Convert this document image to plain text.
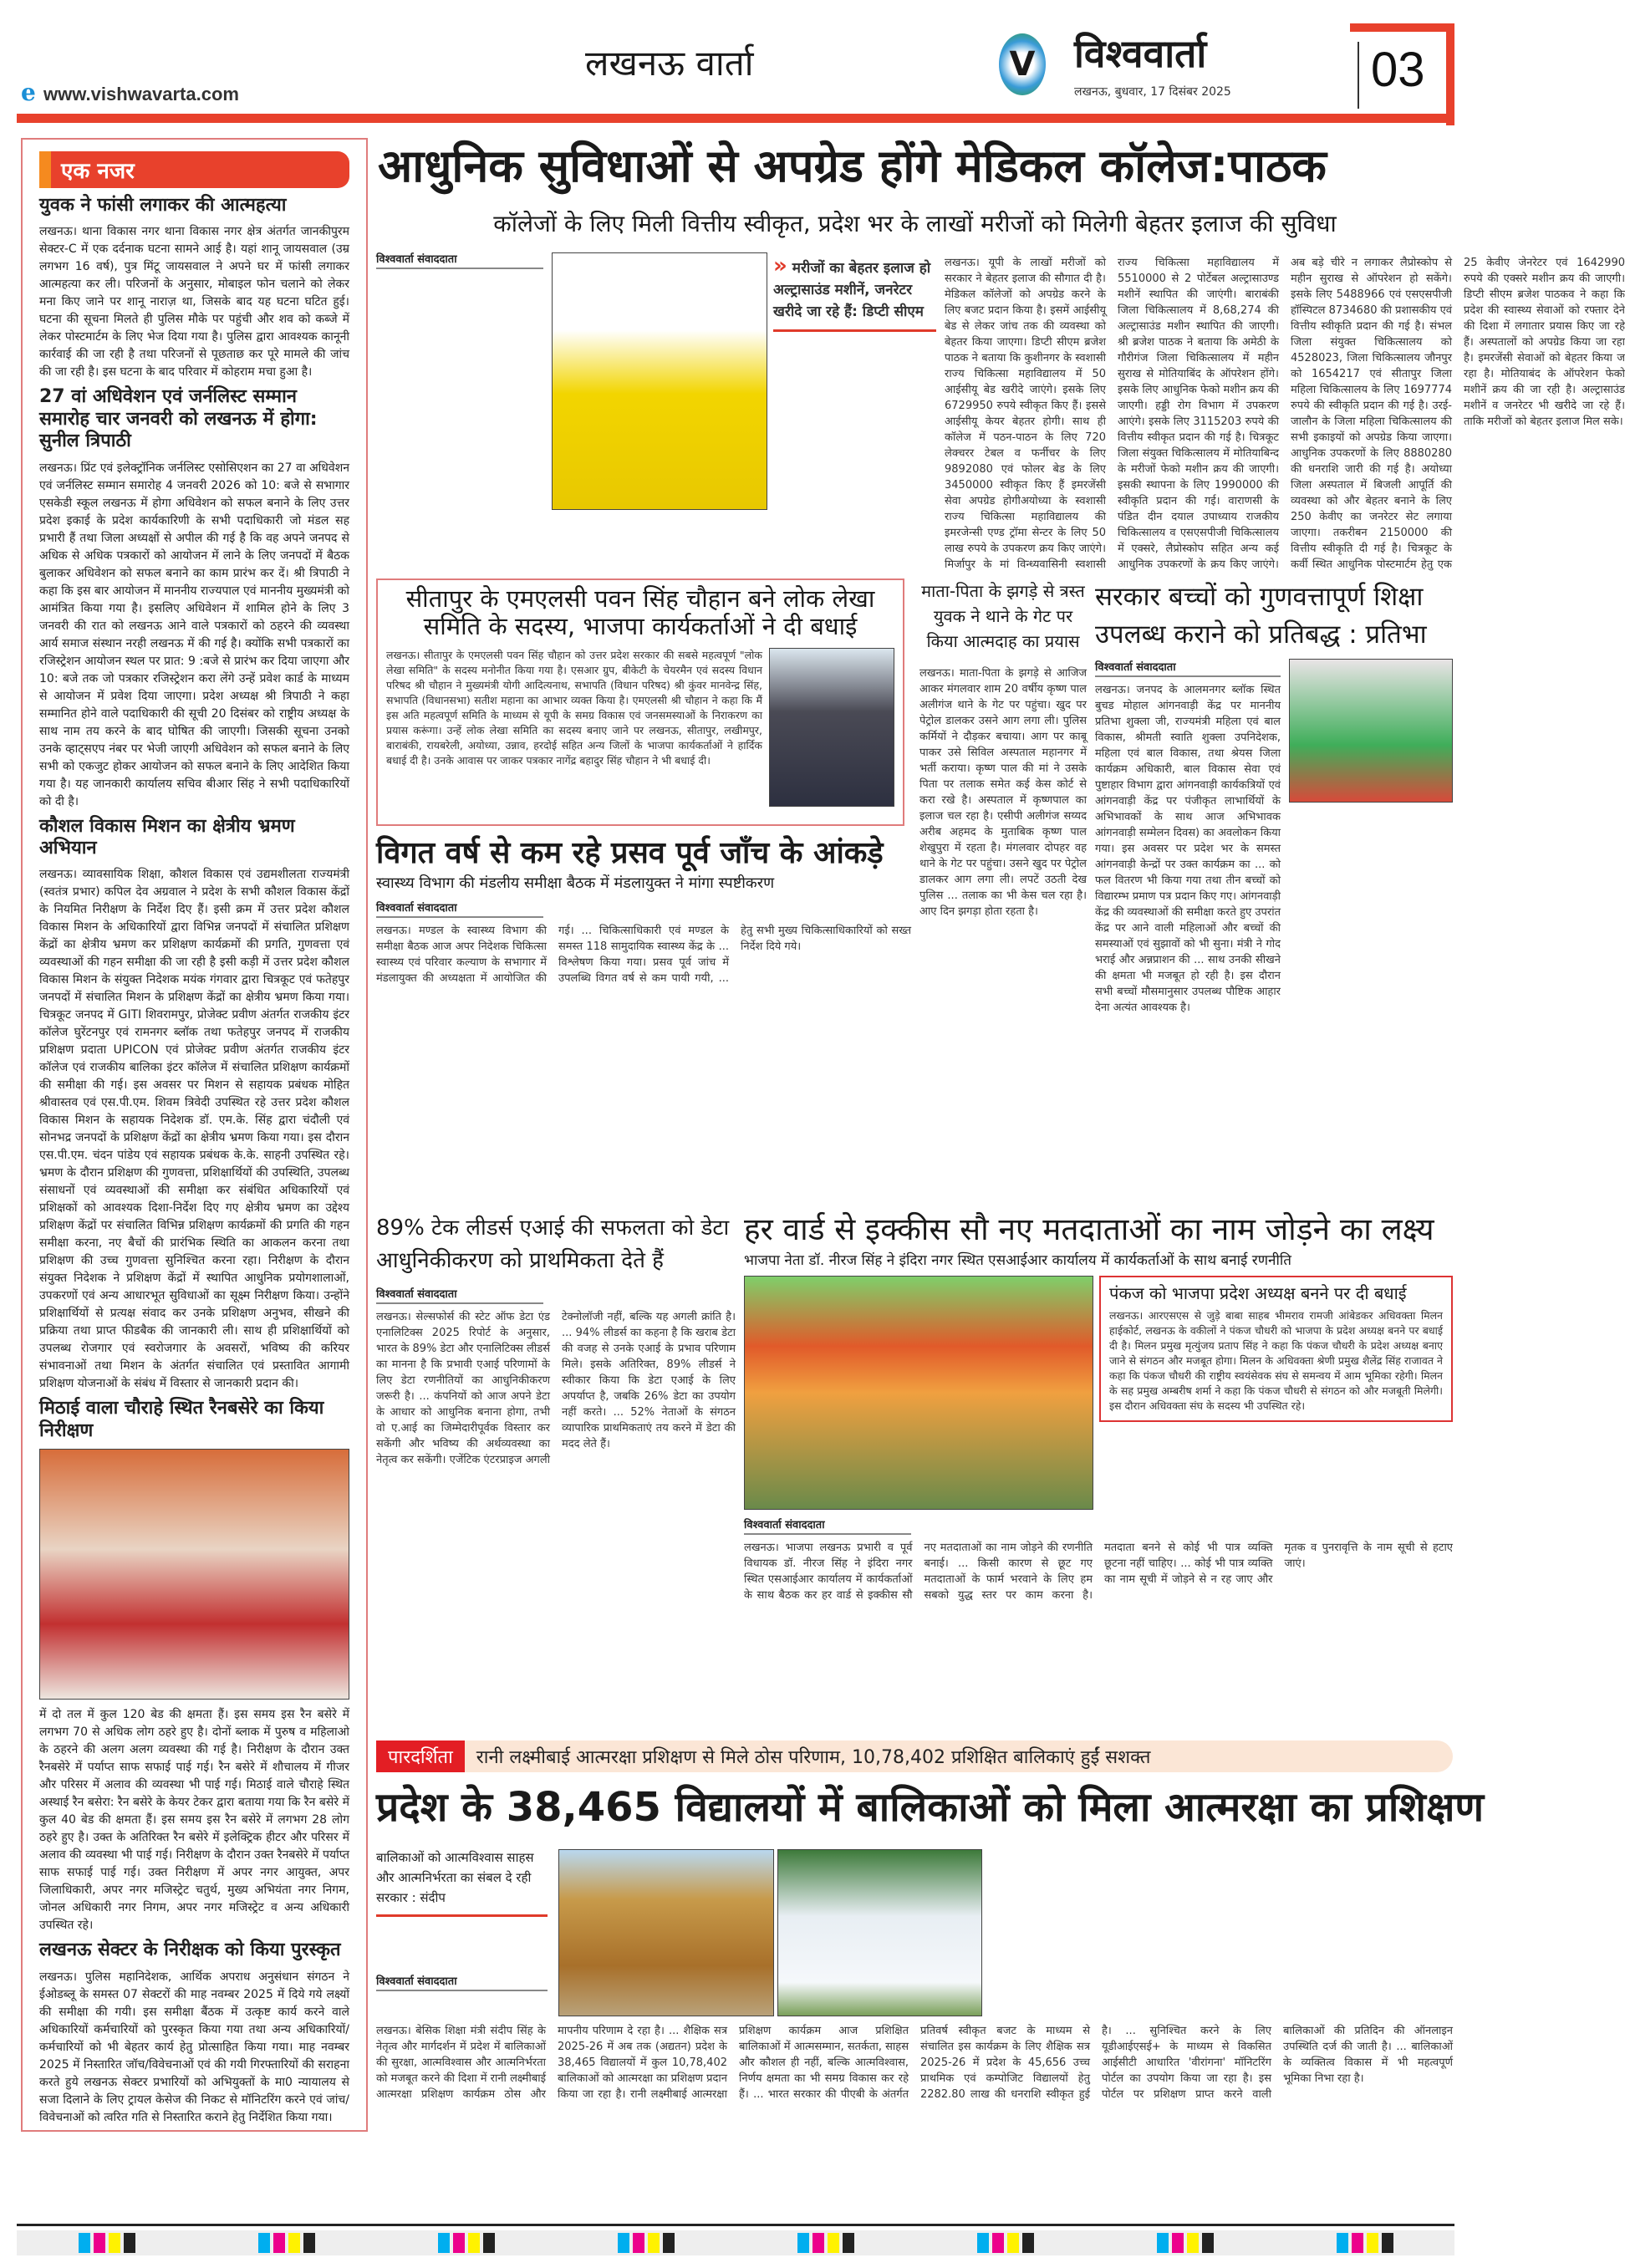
e www.vishwavarta.com
लखनऊ वार्ता	V विश्ववार्ता
लखनऊ, बुधवार, 17 दिसंबर 2025	03
एक नजर
युवक ने फांसी लगाकर की आत्महत्या

लखनऊ। थाना विकास नगर थाना विकास नगर क्षेत्र अंतर्गत जानकीपुरम सेक्टर-C में एक दर्दनाक घटना सामने आई है। यहां शानू जायसवाल (उम्र लगभग 16 वर्ष), पुत्र मिंटू जायसवाल ने अपने घर में फांसी लगाकर आत्महत्या कर ली। परिजनों के अनुसार, मोबाइल फोन चलाने को लेकर मना किए जाने पर शानू नाराज़ था, जिसके बाद यह घटना घटित हुई। घटना की सूचना मिलते ही पुलिस मौके पर पहुंची और शव को कब्जे में लेकर पोस्टमार्टम के लिए भेज दिया गया है। पुलिस द्वारा आवश्यक कानूनी कार्रवाई की जा रही है तथा परिजनों से पूछताछ कर पूरे मामले की जांच की जा रही है। इस घटना के बाद परिवार में कोहराम मचा हुआ है।

27 वां अधिवेशन एवं जर्नलिस्ट सम्मान समारोह चार जनवरी को लखनऊ में होगा: सुनील त्रिपाठी

लखनऊ। प्रिंट एवं इलेक्ट्रॉनिक जर्नलिस्ट एसोसिएशन का 27 वा अधिवेशन एवं जर्नलिस्ट सम्मान समारोह 4 जनवरी 2026 को 10: बजे से सभागार एसकेडी स्कूल लखनऊ में होगा अधिवेशन को सफल बनाने के लिए उत्तर प्रदेश इकाई के प्रदेश कार्यकारिणी के सभी पदाधिकारी जो मंडल सह प्रभारी हैं तथा जिला अध्यक्षों से अपील की गई है कि वह अपने जनपद से अधिक से अधिक पत्रकारों को आयोजन में लाने के लिए जनपदों में बैठक बुलाकर अधिवेशन को सफल बनाने का काम प्रारंभ कर दें। श्री त्रिपाठी ने कहा कि इस बार आयोजन में माननीय राज्यपाल एवं माननीय मुख्यमंत्री को आमंत्रित किया गया है। इसलिए अधिवेशन में शामिल होने के लिए 3 जनवरी की रात को लखनऊ आने वाले पत्रकारों को ठहरने की व्यवस्था आर्य समाज संस्थान नरही लखनऊ में की गई है। क्योंकि सभी पत्रकारों का रजिस्ट्रेशन आयोजन स्थल पर प्रात: 9 :बजे से प्रारंभ कर दिया जाएगा और 10: बजे तक जो पत्रकार रजिस्ट्रेशन करा लेंगे उन्हें प्रवेश कार्ड के माध्यम से आयोजन में प्रवेश दिया जाएगा। प्रदेश अध्यक्ष श्री त्रिपाठी ने कहा सम्मानित होने वाले पदाधिकारी की सूची 20 दिसंबर को राष्ट्रीय अध्यक्ष के साथ नाम तय करने के बाद घोषित की जाएगी। जिसकी सूचना उनको उनके व्हाट्सएप नंबर पर भेजी जाएगी अधिवेशन को सफल बनाने के लिए सभी को एकजुट होकर आयोजन को सफल बनाने के लिए आदेशित किया गया है। यह जानकारी कार्यालय सचिव बीआर सिंह ने सभी पदाधिकारियों को दी है।

कौशल विकास मिशन का क्षेत्रीय भ्रमण अभियान

लखनऊ। व्यावसायिक शिक्षा, कौशल विकास एवं उद्यमशीलता राज्यमंत्री (स्वतंत्र प्रभार) कपिल देव अग्रवाल ने प्रदेश के सभी कौशल विकास केंद्रों के नियमित निरीक्षण के निर्देश दिए हैं। इसी क्रम में उत्तर प्रदेश कौशल विकास मिशन के अधिकारियों द्वारा विभिन्न जनपदों में संचालित प्रशिक्षण केंद्रों का क्षेत्रीय भ्रमण कर प्रशिक्षण कार्यक्रमों की प्रगति, गुणवत्ता एवं व्यवस्थाओं की गहन समीक्षा की जा रही है इसी कड़ी में उत्तर प्रदेश कौशल विकास मिशन के संयुक्त निदेशक मयंक गंगवार द्वारा चित्रकूट एवं फतेहपुर जनपदों में संचालित मिशन के प्रशिक्षण केंद्रों का क्षेत्रीय भ्रमण किया गया। चित्रकूट जनपद में GITI शिवरामपुर, प्रोजेक्ट प्रवीण अंतर्गत राजकीय इंटर कॉलेज घुरेंटनपुर एवं रामनगर ब्लॉक तथा फतेहपुर जनपद में राजकीय प्रशिक्षण प्रदाता UPICON एवं प्रोजेक्ट प्रवीण अंतर्गत राजकीय इंटर कॉलेज एवं राजकीय बालिका इंटर कॉलेज में संचालित प्रशिक्षण कार्यक्रमों की समीक्षा की गई। इस अवसर पर मिशन से सहायक प्रबंधक मोहित श्रीवास्तव एवं एस.पी.एम. शिवम त्रिवेदी उपस्थित रहे उत्तर प्रदेश कौशल विकास मिशन के सहायक निदेशक डॉ. एम.के. सिंह द्वारा चंदौली एवं सोनभद्र जनपदों के प्रशिक्षण केंद्रों का क्षेत्रीय भ्रमण किया गया। इस दौरान एस.पी.एम. चंदन पांडेय एवं सहायक प्रबंधक के.के. साहनी उपस्थित रहे। भ्रमण के दौरान प्रशिक्षण की गुणवत्ता, प्रशिक्षार्थियों की उपस्थिति, उपलब्ध संसाधनों एवं व्यवस्थाओं की समीक्षा कर संबंधित अधिकारियों एवं प्रशिक्षकों को आवश्यक दिशा-निर्देश दिए गए क्षेत्रीय भ्रमण का उद्देश्य प्रशिक्षण केंद्रों पर संचालित विभिन्न प्रशिक्षण कार्यक्रमों की प्रगति की गहन समीक्षा करना, नए बैचों की प्रारंभिक स्थिति का आकलन करना तथा प्रशिक्षण की उच्च गुणवत्ता सुनिश्चित करना रहा। निरीक्षण के दौरान संयुक्त निदेशक ने प्रशिक्षण केंद्रों में स्थापित आधुनिक प्रयोगशालाओं, उपकरणों एवं अन्य आधारभूत सुविधाओं का सूक्ष्म निरीक्षण किया। उन्होंने प्रशिक्षार्थियों से प्रत्यक्ष संवाद कर उनके प्रशिक्षण अनुभव, सीखने की प्रक्रिया तथा प्राप्त फीडबैक की जानकारी ली। साथ ही प्रशिक्षार्थियों को उपलब्ध रोजगार एवं स्वरोजगार के अवसरों, भविष्य की करियर संभावनाओं तथा मिशन के अंतर्गत संचालित एवं प्रस्तावित आगामी प्रशिक्षण योजनाओं के संबंध में विस्तार से जानकारी प्रदान की।

मिठाई वाला चौराहे स्थित रैनबसेरे का किया निरीक्षण

में दो तल में कुल 120 बेड की क्षमता हैं। इस समय इस रैन बसेरे में लगभग 70 से अधिक लोग ठहरे हुए है। दोनों ब्लाक में पुरुष व महिलाओ के ठहरने की अलग अलग व्यवस्था की गई है। निरीक्षण के दौरान उक्त रैनबसेरे में पर्याप्त साफ सफाई पाई गई। रैन बसेरे में शौचालय में गीजर और परिसर में अलाव की व्यवस्था भी पाई गई। मिठाई वाले चौराहे स्थित अस्थाई रैन बसेरा: रैन बसेरे के केयर टेकर द्वारा बताया गया कि रैन बसेरे में कुल 40 बेड की क्षमता हैं। इस समय इस रैन बसेरे में लगभग 28 लोग ठहरे हुए है। उक्त के अतिरिक्त रैन बसेरे में इलेक्ट्रिक हीटर और परिसर में अलाव की व्यवस्था भी पाई गई। निरीक्षण के दौरान उक्त रैनबसेरे में पर्याप्त साफ सफाई पाई गई। उक्त निरीक्षण में अपर नगर आयुक्त, अपर जिलाधिकारी, अपर नगर मजिस्ट्रेट चतुर्थ, मुख्य अभियंता नगर निगम, जोनल अधिकारी नगर निगम, अपर नगर मजिस्ट्रेट व अन्य अधिकारी उपस्थित रहे।

लखनऊ सेक्टर के निरीक्षक को किया पुरस्कृत

लखनऊ। पुलिस महानिदेशक, आर्थिक अपराध अनुसंधान संगठन ने ईओडब्लू के समस्त 07 सेक्टरों की माह नवम्बर 2025 में दिये गये लक्ष्यों की समीक्षा की गयी। इस समीक्षा बैंठक में उत्कृष्ट कार्य करने वाले अधिकारियों कर्मचारियों को पुरस्कृत किया गया तथा अन्य अधिकारियों/कर्मचारियों को भी बेहतर कार्य हेतु प्रोत्साहित किया गया। माह नवम्बर 2025 में निस्तारित जॉच/विवेचनाओं एवं की गयी गिरफ्तारियों की सराहना करते हुये लखनऊ सेक्टर प्रभारियों को अभियुक्तों के मा0 न्यायालय से सजा दिलाने के लिए ट्रायल केसेज की निकट से मॉनिटरिंग करने एवं जांच/विवेचनाओं को त्वरित गति से निस्तारित कराने हेतु निर्देशित किया गया।

आधुनिक सुविधाओं से अपग्रेड होंगे मेडिकल कॉलेज:पाठक
कॉलेजों के लिए मिली वित्तीय स्वीकृत, प्रदेश भर के लाखों मरीजों को मिलेगी बेहतर इलाज की सुविधा
विश्ववार्ता संवाददाता
» मरीजों का बेहतर इलाज हो अल्ट्रासाउंड मशीनें, जनरेटर खरीदे जा रहे हैं: डिप्टी सीएम
लखनऊ। यूपी के लाखों मरीजों को सरकार ने बेहतर इलाज की सौगात दी है। मेडिकल कॉलेजों को अपग्रेड करने के लिए बजट प्रदान किया है। इसमें आईसीयू बेड से लेकर जांच तक की व्यवस्था को बेहतर किया जाएगा। डिप्टी सीएम ब्रजेश पाठक ने बताया कि कुशीनगर के स्वशासी राज्य चिकित्सा महाविद्यालय में 50 आईसीयू बेड खरीदे जाएंगे। इसके लिए 6729950 रुपये स्वीकृत किए हैं। इससे आईसीयू केयर बेहतर होगी। साथ ही कॉलेज में पठन-पाठन के लिए 720 लेक्चरर टेबल व फर्नीचर के लिए 9892080 एवं फोलर बेड के लिए 3450000 स्वीकृत किए हैं इमरजेंसी सेवा अपग्रेड होगीअयोध्या के स्वशासी राज्य चिकित्सा महाविद्यालय की इमरजेन्सी एण्ड ट्रॉमा सेन्टर के लिए 50 लाख रुपये के उपकरण क्रय किए जाएंगे। मिर्जापुर के मां विन्ध्यवासिनी स्वशासी राज्य चिकित्सा महाविद्यालय में 5510000 से 2 पोर्टेबल अल्ट्रासाउण्ड मशीनें स्थापित की जाएंगी। बाराबंकी जिला चिकित्सालय में 8,68,274 की अल्ट्रासाउंड मशीन स्थापित की जाएगी। श्री ब्रजेश पाठक ने बताया कि अमेठी के गौरीगंज जिला चिकित्सालय में महीन सुराख से मोतियाबिंद के ऑपरेशन होंगे। इसके लिए आधुनिक फेको मशीन क्रय की जाएगी। हड्डी रोग विभाग में उपकरण आएंगे। इसके लिए 3115203 रुपये की वित्तीय स्वीकृत प्रदान की गई है। चित्रकूट जिला संयुक्त चिकित्सालय में मोतियाबिन्द के मरीजों फेको मशीन क्रय की जाएगी। इसकी स्थापना के लिए 1990000 की स्वीकृति प्रदान की गई। वाराणसी के पंडित दीन दयाल उपाध्याय राजकीय चिकित्सालय व एसएसपीजी चिकित्सालय में एक्सरे, लैप्रोस्कोप सहित अन्य कई आधुनिक उपकरणों के क्रय किए जाएंगे। अब बड़े चीरे न लगाकर लैप्रोस्कोप से महीन सुराख से ऑपरेशन हो सकेंगे। इसके लिए 5488966 एवं एसएसपीजी हॉस्पिटल 8734680 की प्रशासकीय एवं वित्तीय स्वीकृति प्रदान की गई है। संभल जिला संयुक्त चिकित्सालय को 4528023, जिला चिकित्सालय जौनपुर को 1654217 एवं सीतापुर जिला महिला चिकित्सालय के लिए 1697774 रुपये की स्वीकृति प्रदान की गई है। उरई-जालौन के जिला महिला चिकित्सालय की सभी इकाइयों को अपग्रेड किया जाएगा। आधुनिक उपकरणों के लिए 8880280 की धनराशि जारी की गई है। अयोध्या जिला अस्पताल में बिजली आपूर्ति की व्यवस्था को और बेहतर बनाने के लिए 250 केवीए का जनरेटर सेट लगाया जाएगा। तकरीबन 2150000 की वित्तीय स्वीकृति दी गई है। चित्रकूट के कर्वी स्थित आधुनिक पोस्टमार्टम हेतु एक 25 केवीए जेनरेटर एवं 1642990 रुपये की एक्सरे मशीन क्रय की जाएगी। डिप्टी सीएम ब्रजेश पाठकव ने कहा कि प्रदेश की स्वास्थ्य सेवाओं को रफ्तार देने की दिशा में लगातार प्रयास किए जा रहे हैं। अस्पतालों को अपग्रेड किया जा रहा है। इमरजेंसी सेवाओं को बेहतर किया ज रहा है। मोतियाबंद के ऑपरेशन फेको मशीनें क्रय की जा रही है। अल्ट्रासाउंड मशीनें व जनरेटर भी खरीदे जा रहे हैं। ताकि मरीजों को बेहतर इलाज मिल सके।
सीतापुर के एमएलसी पवन सिंह चौहान बने लोक लेखा समिति के सदस्य, भाजपा कार्यकर्ताओं ने दी बधाई
लखनऊ। सीतापुर के एमएलसी पवन सिंह चौहान को उत्तर प्रदेश सरकार की सबसे महत्वपूर्ण "लोक लेखा समिति" के सदस्य मनोनीत किया गया है। एसआर ग्रुप, बीकेटी के चेयरमैन एवं सदस्य विधान परिषद श्री चौहान ने मुख्यमंत्री योगी आदित्यनाथ, सभापति (विधान परिषद) श्री कुंवर मानवेन्द्र सिंह, सभापति (विधानसभा) सतीश महाना का आभार व्यक्त किया है। एमएलसी श्री चौहान ने कहा कि मैं इस अति महत्वपूर्ण समिति के माध्यम से यूपी के समग्र विकास एवं जनसमस्याओं के निराकरण का प्रयास करूंगा। उन्हें लोक लेखा समिति का सदस्य बनाए जाने पर लखनऊ, सीतापुर, लखीमपुर, बाराबंकी, रायबरेली, अयोध्या, उन्नाव, हरदोई सहित अन्य जिलों के भाजपा कार्यकर्ताओं ने हार्दिक बधाई दी है। उनके आवास पर जाकर पत्रकार नागेंद्र बहादुर सिंह चौहान ने भी बधाई दी।
माता-पिता के झगड़े से त्रस्त युवक ने थाने के गेट पर किया आत्मदाह का प्रयास
लखनऊ। माता-पिता के झगड़े से आजिज आकर मंगलवार शाम 20 वर्षीय कृष्ण पाल अलीगंज थाने के गेट पर पहुंचा। खुद पर पेट्रोल डालकर उसने आग लगा ली। पुलिस कर्मियों ने दौड़कर बचाया। आग पर काबू पाकर उसे सिविल अस्पताल महानगर में भर्ती कराया। कृष्ण पाल की मां ने उसके पिता पर तलाक समेत कई केस कोर्ट से करा रखे है। अस्पताल में कृष्णपाल का इलाज चल रहा है। एसीपी अलीगंज सय्यद अरीब अहमद के मुताबिक कृष्ण पाल शेखुपुरा में रहता है। मंगलवार दोपहर वह थाने के गेट पर पहुंचा। उसने खुद पर पेट्रोल डालकर आग लगा ली। लपटें उठती देख पुलिस ... तलाक का भी केस चल रहा है। आए दिन झगड़ा होता रहता है।
सरकार बच्चों को गुणवत्तापूर्ण शिक्षा उपलब्ध कराने को प्रतिबद्ध : प्रतिभा
विश्ववार्ता संवाददाता
लखनऊ। जनपद के आलमनगर ब्लॉक स्थित बुचड मोहाल आंगनवाड़ी केंद्र पर माननीय प्रतिभा शुक्ला जी, राज्यमंत्री महिला एवं बाल विकास, श्रीमती स्वाति शुक्ला उपनिदेशक, महिला एवं बाल विकास, तथा श्रेयस जिला कार्यक्रम अधिकारी, बाल विकास सेवा एवं पुष्टाहार विभाग द्वारा आंगनवाड़ी कार्यकत्रियों एवं आंगनवाड़ी केंद्र पर पंजीकृत लाभार्थियों के अभिभावकों के साथ आज अभिभावक आंगनवाड़ी सम्मेलन दिवस) का अवलोकन किया गया। इस अवसर पर प्रदेश भर के समस्त आंगनवाड़ी केन्द्रों पर उक्त कार्यक्रम का ... को फल वितरण भी किया गया तथा तीन बच्चों को विद्यारम्भ प्रमाण पत्र प्रदान किए गए। आंगनवाड़ी केंद्र की व्यवस्थाओं की समीक्षा करते हुए उपरांत केंद्र पर आने वाली महिलाओं और बच्चों की समस्याओं एवं सुझावों को भी सुना। मंत्री ने गोद भराई और अन्नप्राशन की ... साथ उनकी सीखने की क्षमता भी मजबूत हो रही है। इस दौरान सभी बच्चों मौसमानुसार उपलब्ध पौष्टिक आहार देना अत्यंत आवश्यक है।
विगत वर्ष से कम रहे प्रसव पूर्व जाँच के आंकड़े
स्वास्थ्य विभाग की मंडलीय समीक्षा बैठक में मंडलायुक्त ने मांगा स्पष्टीकरण
विश्ववार्ता संवाददाता
लखनऊ। मण्डल के स्वास्थ्य विभाग की समीक्षा बैठक आज अपर निदेशक चिकित्सा स्वास्थ्य एवं परिवार कल्याण के सभागार में मंडलायुक्त की अध्यक्षता में आयोजित की गई। ... चिकित्साधिकारी एवं मण्डल के समस्त 118 सामुदायिक स्वास्थ्य केंद्र के ... विश्लेषण किया गया। प्रसव पूर्व जांच में उपलब्धि विगत वर्ष से कम पायी गयी, ... हेतु सभी मुख्य चिकित्साधिकारियों को सख्त निर्देश दिये गये।
89% टेक लीडर्स एआई की सफलता को डेटा आधुनिकीकरण को प्राथमिकता देते हैं
विश्ववार्ता संवाददाता
लखनऊ। सेल्सफोर्स की स्टेट ऑफ डेटा एंड एनालिटिक्स 2025 रिपोर्ट के अनुसार, भारत के 89% डेटा और एनालिटिक्स लीडर्स का मानना है कि प्रभावी एआई परिणामों के लिए डेटा रणनीतियों का आधुनिकीकरण जरूरी है। ... कंपनियों को आज अपने डेटा के आधार को आधुनिक बनाना होगा, तभी वो ए.आई का जिम्मेदारीपूर्वक विस्तार कर सकेंगी और भविष्य की अर्थव्यवस्था का नेतृत्व कर सकेंगी। एजेंटिक एंटरप्राइज अगली टेक्नोलॉजी नहीं, बल्कि यह अगली क्रांति है। ... 94% लीडर्स का कहना है कि खराब डेटा की वजह से उनके एआई के प्रभाव परिणाम मिले। इसके अतिरिक्त, 89% लीडर्स ने स्वीकार किया कि डेटा एआई के लिए अपर्याप्त है, जबकि 26% डेटा का उपयोग नहीं करते। ... 52% नेताओं के संगठन व्यापारिक प्राथमिकताएं तय करने में डेटा की मदद लेते हैं।
हर वार्ड से इक्कीस सौ नए मतदाताओं का नाम जोड़ने का लक्ष्य
भाजपा नेता डॉ. नीरज सिंह ने इंदिरा नगर स्थित एसआईआर कार्यालय में कार्यकर्ताओं के साथ बनाई रणनीति
पंकज को भाजपा प्रदेश अध्यक्ष बनने पर दी बधाई
लखनऊ। आरएसएस से जुड़े बाबा साहब भीमराव रामजी आंबेडकर अधिवक्ता मिलन हाईकोर्ट, लखनऊ के वकीलों ने पंकज चौधरी को भाजपा के प्रदेश अध्यक्ष बनने पर बधाई दी है। मिलन प्रमुख मृत्युंजय प्रताप सिंह ने कहा कि पंकज चौधरी के प्रदेश अध्यक्ष बनाए जाने से संगठन और मजबूत होगा। मिलन के अधिवक्ता श्रेणी प्रमुख शैलेंद्र सिंह राजावत ने कहा कि पंकज चौधरी की राष्ट्रीय स्वयंसेवक संघ से समन्वय में आम भूमिका रहेगी। मिलन के सह प्रमुख अम्बरीष शर्मा ने कहा कि पंकज चौधरी से संगठन को और मजबूती मिलेगी। इस दौरान अधिवक्ता संघ के सदस्य भी उपस्थित रहे।
विश्ववार्ता संवाददाता
लखनऊ। भाजपा लखनऊ प्रभारी व पूर्व विधायक डॉ. नीरज सिंह ने इंदिरा नगर स्थित एसआईआर कार्यालय में कार्यकर्ताओं के साथ बैठक कर हर वार्ड से इक्कीस सौ नए मतदाताओं का नाम जोड़ने की रणनीति बनाई। ... किसी कारण से छूट गए मतदाताओं के फार्म भरवाने के लिए हम सबको युद्ध स्तर पर काम करना है। मतदाता बनने से कोई भी पात्र व्यक्ति छूटना नहीं चाहिए। ... कोई भी पात्र व्यक्ति का नाम सूची में जोड़ने से न रह जाए और मृतक व पुनरावृत्ति के नाम सूची से हटाए जाएं।
पारदर्शिता	रानी लक्ष्मीबाई आत्मरक्षा प्रशिक्षण से मिले ठोस परिणाम, 10,78,402 प्रशिक्षित बालिकाएं हुईं सशक्त
प्रदेश के 38,465 विद्यालयों में बालिकाओं को मिला आत्मरक्षा का प्रशिक्षण
बालिकाओं को आत्मविश्वास साहस और आत्मनिर्भरता का संबल दे रही सरकार : संदीप
विश्ववार्ता संवाददाता
लखनऊ। बेसिक शिक्षा मंत्री संदीप सिंह के नेतृत्व और मार्गदर्शन में प्रदेश में बालिकाओं की सुरक्षा, आत्मविश्वास और आत्मनिर्भरता को मजबूत करने की दिशा में रानी लक्ष्मीबाई आत्मरक्षा प्रशिक्षण कार्यक्रम ठोस और मापनीय परिणाम दे रहा है। ... शैक्षिक सत्र 2025-26 में अब तक (अद्यतन) प्रदेश के 38,465 विद्यालयों में कुल 10,78,402 बालिकाओं को आत्मरक्षा का प्रशिक्षण प्रदान किया जा रहा है। रानी लक्ष्मीबाई आत्मरक्षा प्रशिक्षण कार्यक्रम आज प्रशिक्षित बालिकाओं में आत्मसम्मान, सतर्कता, साहस और कौशल ही नहीं, बल्कि आत्मविश्वास, निर्णय क्षमता का भी समग्र विकास कर रहे हैं। ... भारत सरकार की पीएबी के अंतर्गत प्रतिवर्ष स्वीकृत बजट के माध्यम से संचालित इस कार्यक्रम के लिए शैक्षिक सत्र 2025-26 में प्रदेश के 45,656 उच्च प्राथमिक एवं कम्पोजिट विद्यालयों हेतु 2282.80 लाख की धनराशि स्वीकृत हुई है। ... सुनिश्चित करने के लिए यूडीआईएसई+ के माध्यम से विकसित आईसीटी आधारित 'वीरांगना' मॉनिटरिंग पोर्टल का उपयोग किया जा रहा है। इस पोर्टल पर प्रशिक्षण प्राप्त करने वाली बालिकाओं की प्रतिदिन की ऑनलाइन उपस्थिति दर्ज की जाती है। ... बालिकाओं के व्यक्तित्व विकास में भी महत्वपूर्ण भूमिका निभा रहा है।
